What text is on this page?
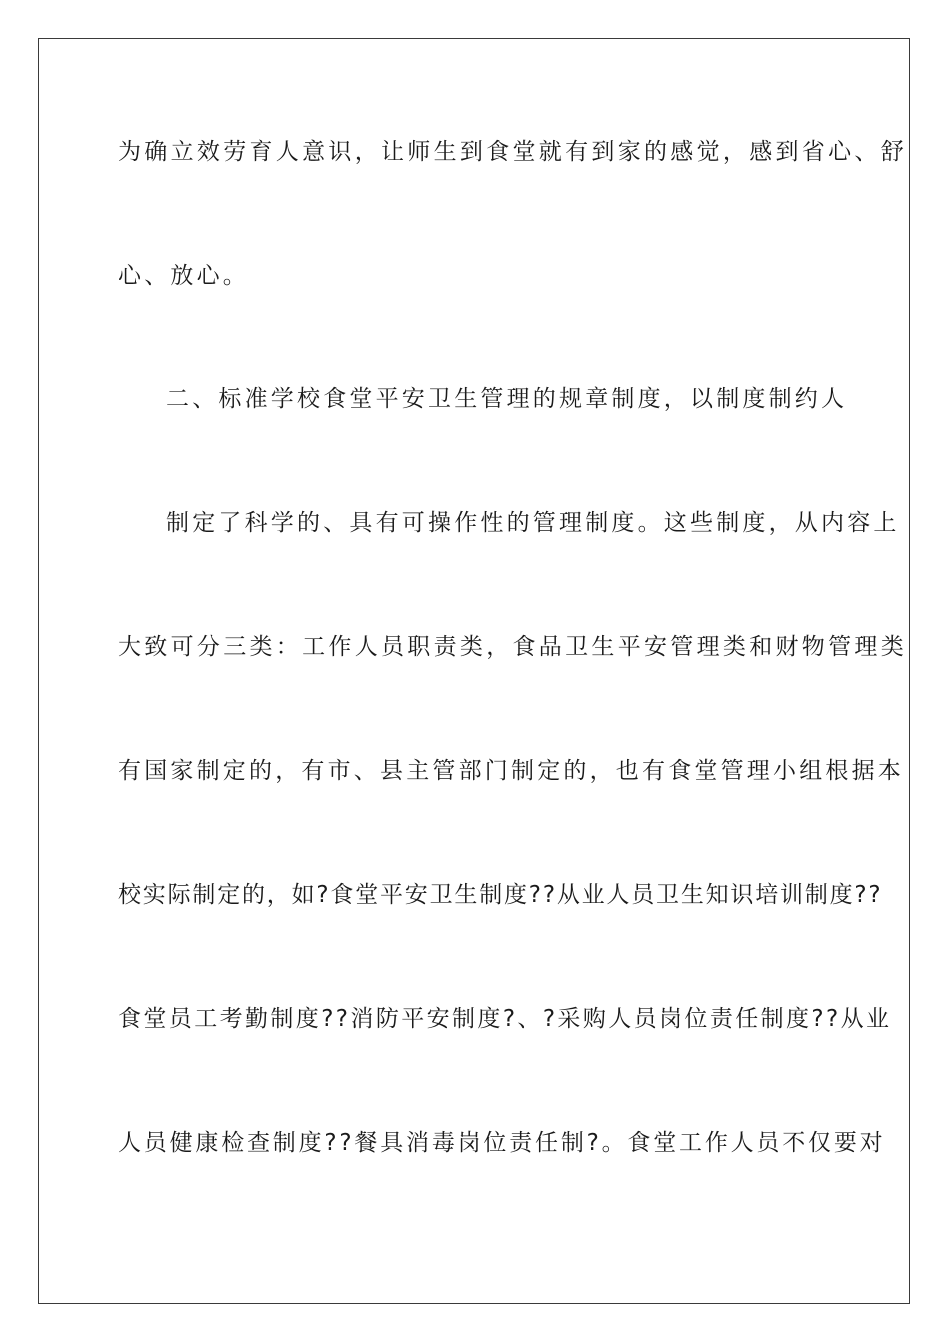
为确立效劳育人意识，让师生到食堂就有到家的感觉，感到省心、舒
心、放心。
二、标准学校食堂平安卫生管理的规章制度，以制度制约人
制定了科学的、具有可操作性的管理制度。这些制度，从内容上
大致可分三类：工作人员职责类，食品卫生平安管理类和财物管理类
有国家制定的，有市、县主管部门制定的，也有食堂管理小组根据本
校实际制定的，如?食堂平安卫生制度??从业人员卫生知识培训制度??
食堂员工考勤制度??消防平安制度?、?采购人员岗位责任制度??从业
人员健康检查制度??餐具消毒岗位责任制?。食堂工作人员不仅要对
